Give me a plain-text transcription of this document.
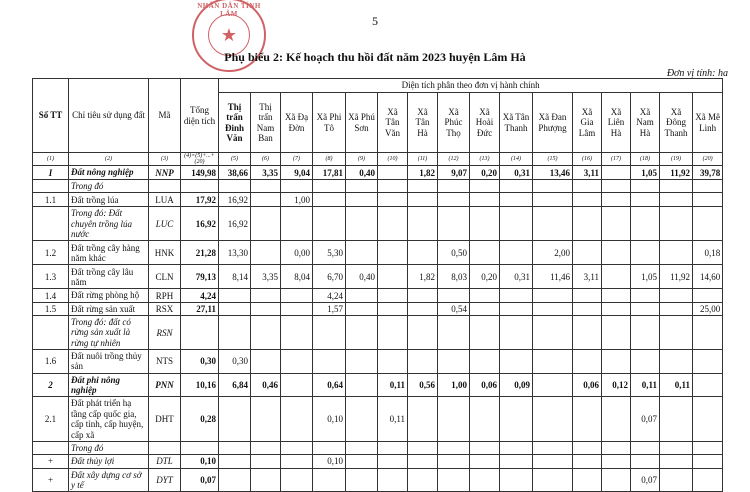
5
NHÂN DÂN TỈNH LÂM
★
Phụ biểu 2: Kế hoạch thu hồi đất năm 2023 huyện Lâm Hà
Đơn vị tính: ha
Số TT	Chỉ tiêu sử dụng đất	Mã	Tổng diện tích	Diện tích phân theo đơn vị hành chính															
				Thị trấn Đinh Văn	Thị trấn Nam Ban	Xã Đạ Đờn	Xã Phi Tô	Xã Phú Sơn	Xã Tân Văn	Xã Tân Hà	Xã Phúc Thọ	Xã Hoài Đức	Xã Tân Thanh	Xã Đan Phượng	Xã Gia Lâm	Xã Liên Hà	Xã Nam Hà	Xã Đông Thanh	Xã Mê Linh
(1)	(2)	(3)	(4)=(5)+...+(20)	(5)	(6)	(7)	(8)	(9)	(10)	(11)	(12)	(13)	(14)	(15)	(16)	(17)	(18)	(19)	(20)
I	Đất nông nghiệp	NNP	149,98	38,66	3,35	9,04	17,81	0,40		1,82	9,07	0,20	0,31	13,46	3,11		1,05	11,92	39,78
	Trong đó																		
1.1	Đất trồng lúa	LUA	17,92	16,92		1,00													
	Trong đó: Đất chuyên trồng lúa nước	LUC	16,92	16,92															
1.2	Đất trồng cây hàng năm khác	HNK	21,28	13,30		0,00	5,30				0,50			2,00					0,18
1.3	Đất trồng cây lâu năm	CLN	79,13	8,14	3,35	8,04	6,70	0,40		1,82	8,03	0,20	0,31	11,46	3,11		1,05	11,92	14,60
1.4	Đất rừng phòng hộ	RPH	4,24				4,24												
1.5	Đất rừng sản xuất	RSX	27,11				1,57				0,54								25,00
	Trong đó: đất có rừng sản xuất là rừng tự nhiên	RSN																	
1.6	Đất nuôi trồng thủy sản	NTS	0,30	0,30															
2	Đất phi nông nghiệp	PNN	10,16	6,84	0,46		0,64		0,11	0,56	1,00	0,06	0,09		0,06	0,12	0,11	0,11	
2.1	Đất phát triển hạ tầng cấp quốc gia, cấp tỉnh, cấp huyện, cấp xã	DHT	0,28				0,10		0,11								0,07		
	Trong đó																		
+	Đất thủy lợi	DTL	0,10				0,10												
+	Đất xây dựng cơ sở y tế	DYT	0,07														0,07		
